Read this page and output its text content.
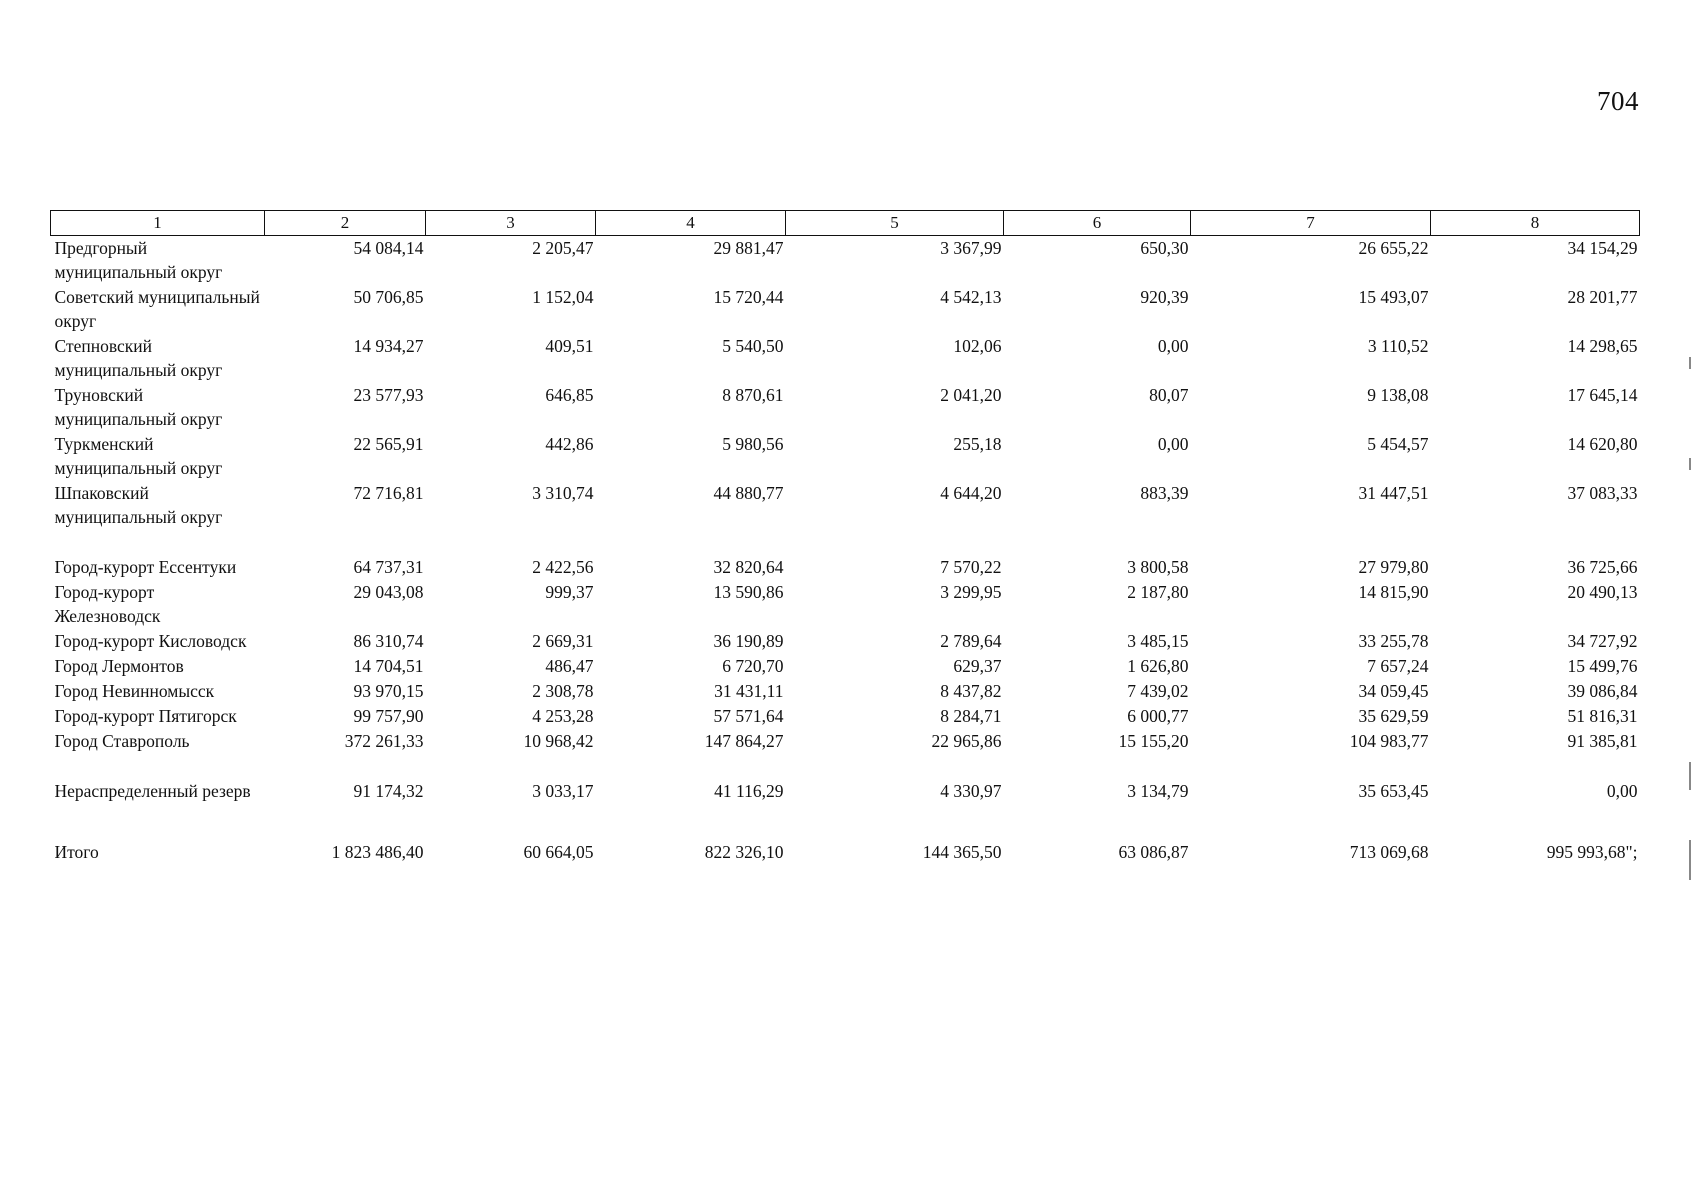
704
1	2	3	4	5	6	7	8
Предгорный муниципальный округ	54 084,14	2 205,47	29 881,47	3 367,99	650,30	26 655,22	34 154,29
Советский муниципальный округ	50 706,85	1 152,04	15 720,44	4 542,13	920,39	15 493,07	28 201,77
Степновский муниципальный округ	14 934,27	409,51	5 540,50	102,06	0,00	3 110,52	14 298,65
Труновский муниципальный округ	23 577,93	646,85	8 870,61	2 041,20	80,07	9 138,08	17 645,14
Туркменский муниципальный округ	22 565,91	442,86	5 980,56	255,18	0,00	5 454,57	14 620,80
Шпаковский муниципальный округ	72 716,81	3 310,74	44 880,77	4 644,20	883,39	31 447,51	37 083,33
Город-курорт Ессентуки	64 737,31	2 422,56	32 820,64	7 570,22	3 800,58	27 979,80	36 725,66
Город-курорт Железноводск	29 043,08	999,37	13 590,86	3 299,95	2 187,80	14 815,90	20 490,13
Город-курорт Кисловодск	86 310,74	2 669,31	36 190,89	2 789,64	3 485,15	33 255,78	34 727,92
Город Лермонтов	14 704,51	486,47	6 720,70	629,37	1 626,80	7 657,24	15 499,76
Город Невинномысск	93 970,15	2 308,78	31 431,11	8 437,82	7 439,02	34 059,45	39 086,84
Город-курорт Пятигорск	99 757,90	4 253,28	57 571,64	8 284,71	6 000,77	35 629,59	51 816,31
Город Ставрополь	372 261,33	10 968,42	147 864,27	22 965,86	15 155,20	104 983,77	91 385,81
Нераспределенный резерв	91 174,32	3 033,17	41 116,29	4 330,97	3 134,79	35 653,45	0,00
Итого	1 823 486,40	60 664,05	822 326,10	144 365,50	63 086,87	713 069,68	995 993,68";
